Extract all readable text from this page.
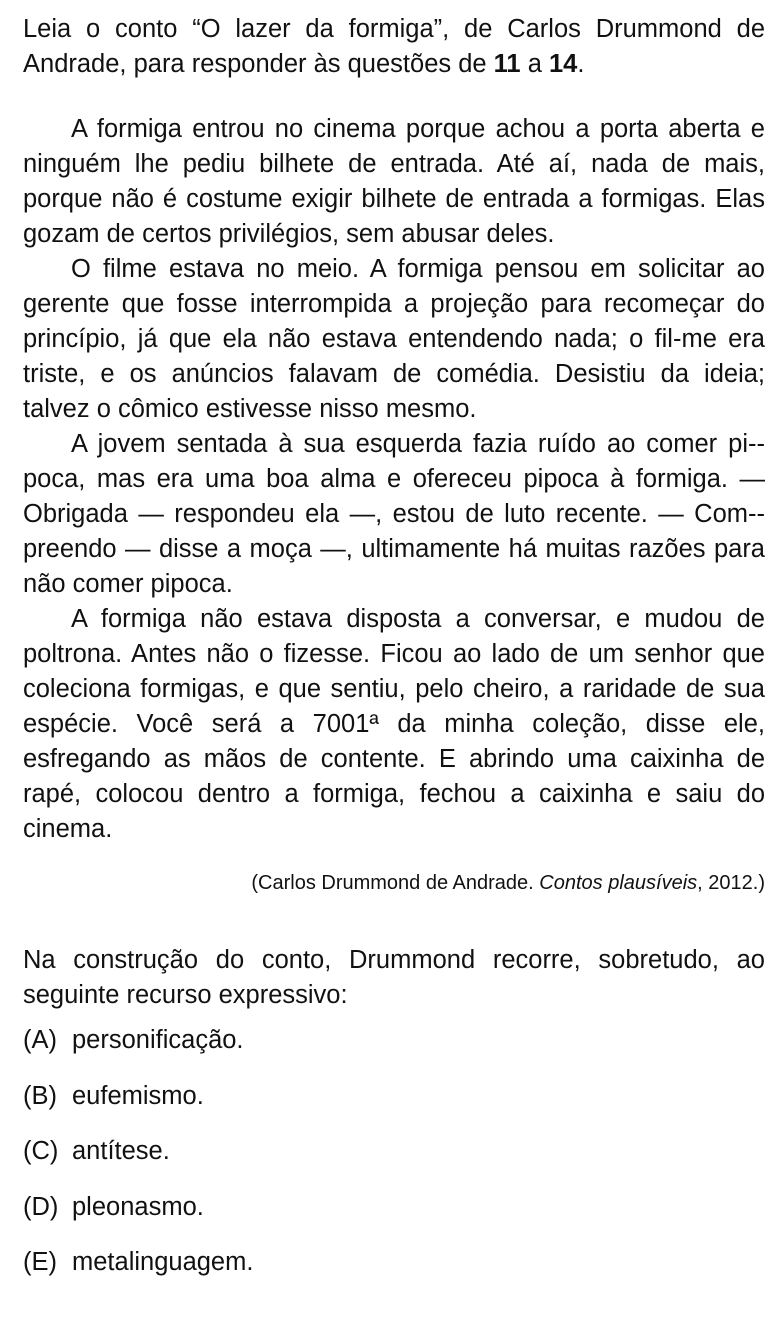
Leia o conto “O lazer da formiga”, de Carlos Drummond de Andrade, para responder às questões de 11 a 14.

A formiga entrou no cinema porque achou a porta aberta e ninguém lhe pediu bilhete de entrada. Até aí, nada de mais, porque não é costume exigir bilhete de entrada a formigas. Elas gozam de certos privilégios, sem abusar deles.

O filme estava no meio. A formiga pensou em solicitar ao gerente que fosse interrompida a projeção para recomeçar do princípio, já que ela não estava entendendo nada; o fil-me era triste, e os anúncios falavam de comédia. Desistiu da ideia; talvez o cômico estivesse nisso mesmo.

A jovem sentada à sua esquerda fazia ruído ao comer pi-poca, mas era uma boa alma e ofereceu pipoca à formiga. — Obrigada — respondeu ela —, estou de luto recente. — Com-preendo — disse a moça —, ultimamente há muitas razões para não comer pipoca.

A formiga não estava disposta a conversar, e mudou de poltrona. Antes não o fizesse. Ficou ao lado de um senhor que coleciona formigas, e que sentiu, pelo cheiro, a raridade de sua espécie. Você será a 7001ª da minha coleção, disse ele, esfregando as mãos de contente. E abrindo uma caixinha de rapé, colocou dentro a formiga, fechou a caixinha e saiu do cinema.

(Carlos Drummond de Andrade. Contos plausíveis, 2012.)

Na construção do conto, Drummond recorre, sobretudo, ao seguinte recurso expressivo:

(A) personificação.
(B) eufemismo.
(C) antítese.
(D) pleonasmo.
(E) metalinguagem.
